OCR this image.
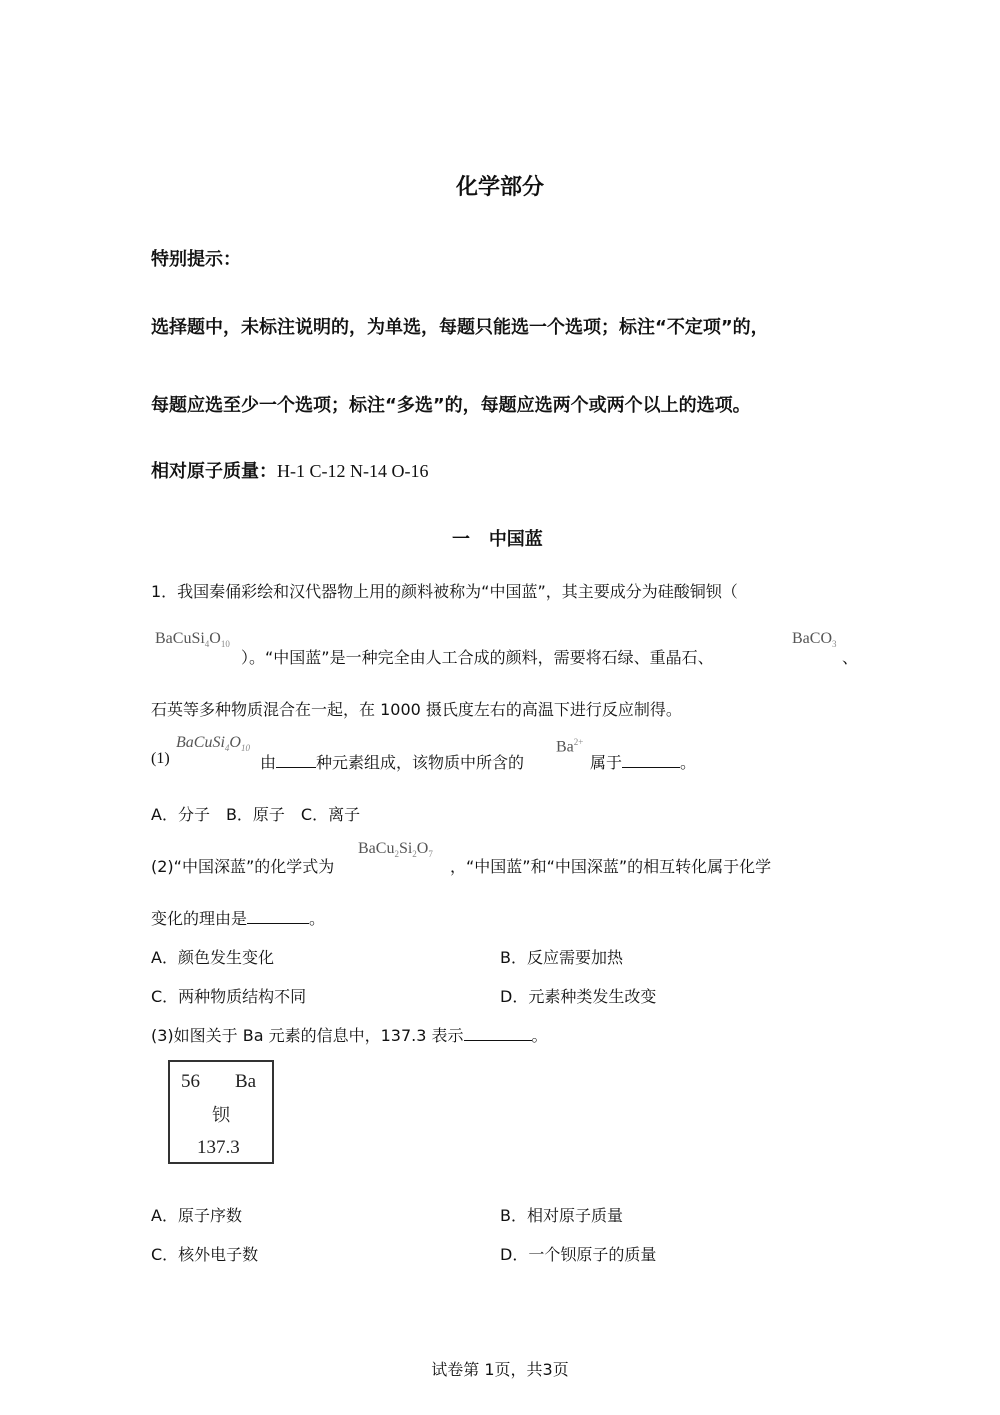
化学部分
特别提示：
选择题中，未标注说明的，为单选，每题只能选一个选项；标注“不定项”的，
每题应选至少一个选项；标注“多选”的，每题应选两个或两个以上的选项。
相对原子质量：H-1 C-12 N-14 O-16
一 中国蓝
1．我国秦俑彩绘和汉代器物上用的颜料被称为“中国蓝”，其主要成分为硅酸铜钡（
$BaCuSi_4O_{10}$
）。“中国蓝”是一种完全由人工合成的颜料，需要将石绿、重晶石、
BaCO$_3$
、
石英等多种物质混合在一起，在 1000 摄氏度左右的高温下进行反应制得。
(1)
$BaCuSi_4O_{10}$
由	种元素组成，该物质中所含的
$Ba^{2+}$
属于	。
A．分子　B．原子　C．离子
(2)“中国深蓝”的化学式为
$BaCu_2Si_2O_7$
，“中国蓝”和“中国深蓝”的相互转化属于化学
变化的理由是	。
A．颜色发生变化	B．反应需要加热
C．两种物质结构不同	D．元素种类发生改变
(3)如图关于 Ba 元素的信息中，137.3 表示	。
56 Ba
钡
137.3
A．原子序数	B．相对原子质量
C．核外电子数	D．一个钡原子的质量
试卷第 1页，共3页
